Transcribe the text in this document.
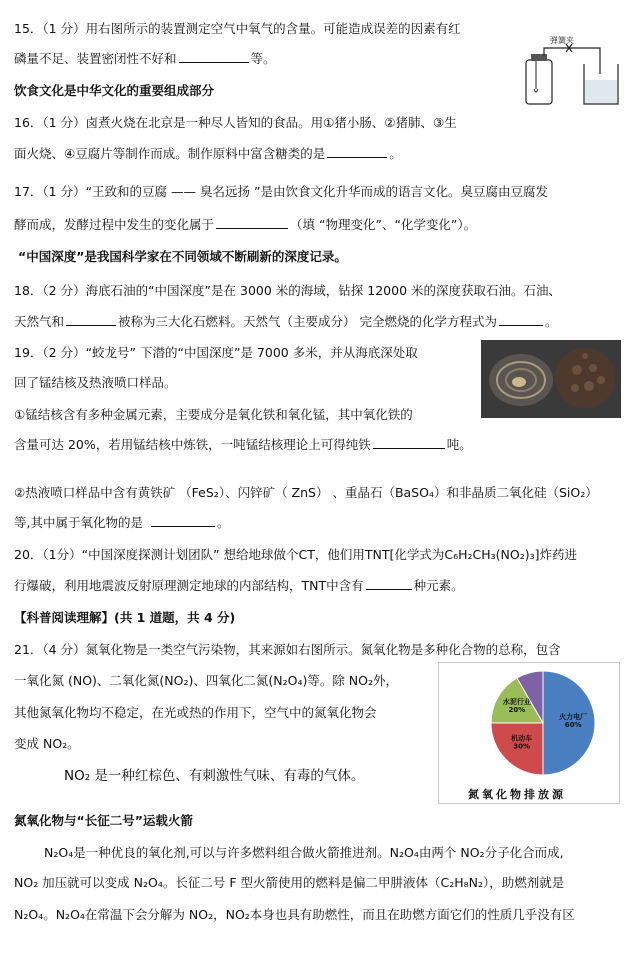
15．（1 分）用右图所示的装置测定空气中氧气的含量。可能造成误差的因素有红
磷量不足、装置密闭性不好和	等。
弹簧夹
饮食文化是中华文化的重要组成部分
16．（1 分）卤煮火烧在北京是一种尽人皆知的食品。用①猪小肠、②猪肺、③生
面火烧、④豆腐片等制作而成。制作原料中富含糖类的是	。
17．（1 分）“王致和的豆腐 —— 臭名远扬 ”是由饮食文化升华而成的语言文化。臭豆腐由豆腐发
酵而成，发酵过程中发生的变化属于	（填 “物理变化”、“化学变化”）。
“中国深度”是我国科学家在不同领域不断刷新的深度记录。
18．（2 分）海底石油的“中国深度”是在 3000 米的海域，钻探 12000 米的深度获取石油。石油、
天然气和	被称为三大化石燃料。天然气（主要成分） 完全燃烧的化学方程式为	。
19．（2 分）“蛟龙号” 下潜的“中国深度”是 7000 多米，并从海底深处取
回了锰结核及热液喷口样品。
①锰结核含有多种金属元素，主要成分是氧化铁和氧化锰，其中氧化铁的
含量可达 20%，若用锰结核中炼铁，一吨锰结核理论上可得纯铁	吨。
②热液喷口样品中含有黄铁矿 （FeS₂）、闪锌矿（ ZnS） 、重晶石（BaSO₄）和非晶质二氧化硅（SiO₂）
等,其中属于氧化物的是	。
20．（1分）“中国深度探测计划团队” 想给地球做个CT，他们用TNT[化学式为C₆H₂CH₃(NO₂)₃]炸药进
行爆破，利用地震波反射原理测定地球的内部结构，TNT中含有	种元素。
【科普阅读理解】(共 1 道题，共 4 分)
21．（4 分）氮氧化物是一类空气污染物，其来源如右图所示。氮氧化物是多种化合物的总称，包含
一氧化氮 (NO)、二氧化氮(NO₂)、四氧化二氮(N₂O₄)等。除 NO₂外，
其他氮氧化物均不稳定，在光或热的作用下，空气中的氮氧化物会
变成 NO₂。
NO₂ 是一种红棕色、有刺激性气味、有毒的气体。
火力电厂 60%
机动车 30%
水泥行业 20%
氮氧化物排放源
氮氧化物与“长征二号”运载火箭
N₂O₄是一种优良的氧化剂,可以与许多燃料组合做火箭推进剂。N₂O₄由两个 NO₂分子化合而成,
NO₂ 加压就可以变成 N₂O₄。长征二号 F 型火箭使用的燃料是偏二甲肼液体（C₂H₈N₂），助燃剂就是
N₂O₄。N₂O₄在常温下会分解为 NO₂，NO₂本身也具有助燃性，而且在助燃方面它们的性质几乎没有区
